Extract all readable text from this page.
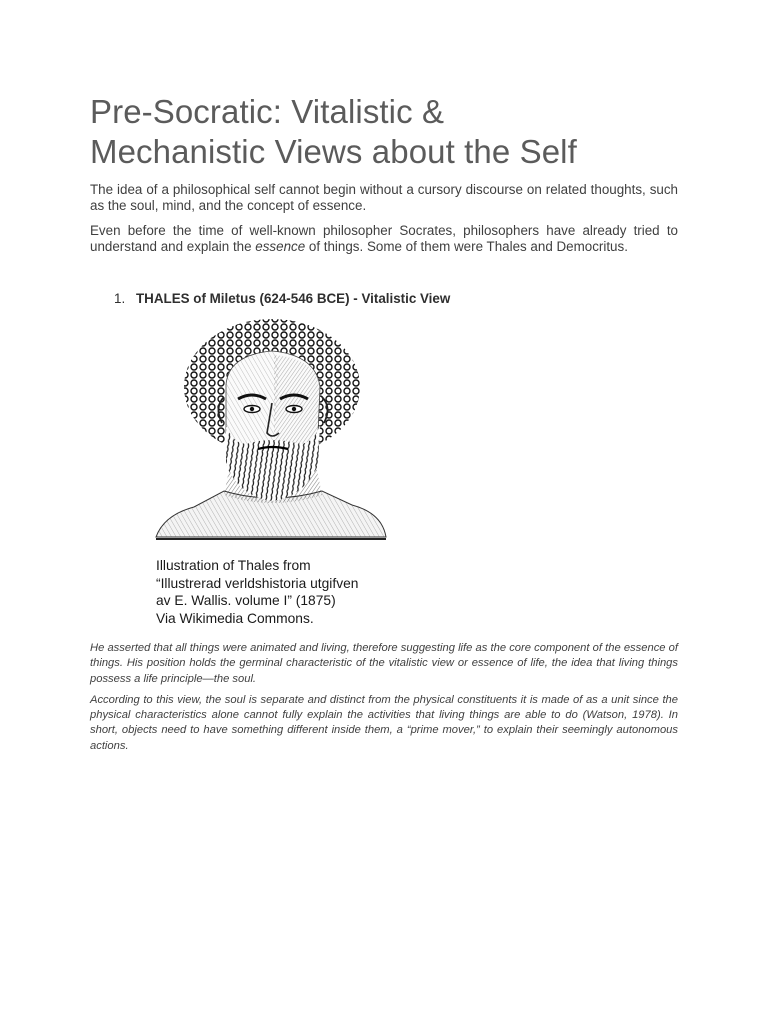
Pre-Socratic: Vitalistic &
Mechanistic Views about the Self

The idea of a philosophical self cannot begin without a cursory discourse on related thoughts, such as the soul, mind, and the concept of essence.

Even before the time of well-known philosopher Socrates, philosophers have already tried to understand and explain the essence of things. Some of them were Thales and Democritus.

1. THALES of Miletus (624-546 BCE) - Vitalistic View
Illustration of Thales from
“Illustrerad verldshistoria utgifven
av E. Wallis. volume I” (1875)
Via Wikimedia Commons.

He asserted that all things were animated and living, therefore suggesting life as the core component of the essence of things. His position holds the germinal characteristic of the vitalistic view or essence of life, the idea that living things possess a life principle—the soul.

According to this view, the soul is separate and distinct from the physical constituents it is made of as a unit since the physical characteristics alone cannot fully explain the activities that living things are able to do (Watson, 1978). In short, objects need to have something different inside them, a “prime mover,” to explain their seemingly autonomous actions.
